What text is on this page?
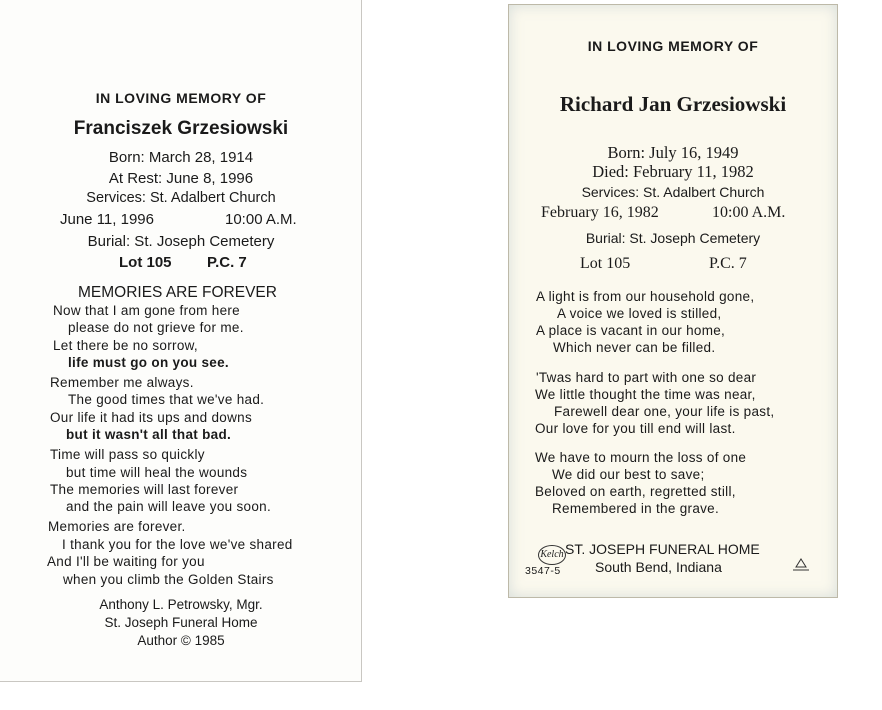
IN LOVING MEMORY OF
Franciszek Grzesiowski
Born: March 28, 1914
At Rest: June 8, 1996
Services: St. Adalbert Church
June 11, 1996	10:00 A.M.
Burial: St. Joseph Cemetery
Lot 105 P.C. 7
MEMORIES ARE FOREVER
Now that I am gone from here
please do not grieve for me.
Let there be no sorrow,
life must go on you see.
Remember me always.
The good times that we've had.
Our life it had its ups and downs
but it wasn't all that bad.
Time will pass so quickly
but time will heal the wounds
The memories will last forever
and the pain will leave you soon.
Memories are forever.
I thank you for the love we've shared
And I'll be waiting for you
when you climb the Golden Stairs
Anthony L. Petrowsky, Mgr.
St. Joseph Funeral Home
Author © 1985
IN LOVING MEMORY OF
Richard Jan Grzesiowski
Born: July 16, 1949
Died: February 11, 1982
Services: St. Adalbert Church
February 16, 1982	10:00 A.M.
Burial: St. Joseph Cemetery
Lot 105	P.C. 7
A light is from our household gone,
A voice we loved is stilled,
A place is vacant in our home,
Which never can be filled.
'Twas hard to part with one so dear
We little thought the time was near,
Farewell dear one, your life is past,
Our love for you till end will last.
We have to mourn the loss of one
We did our best to save;
Beloved on earth, regretted still,
Remembered in the grave.
Kelch ST. JOSEPH FUNERAL HOME
3547-5 South Bend, Indiana
